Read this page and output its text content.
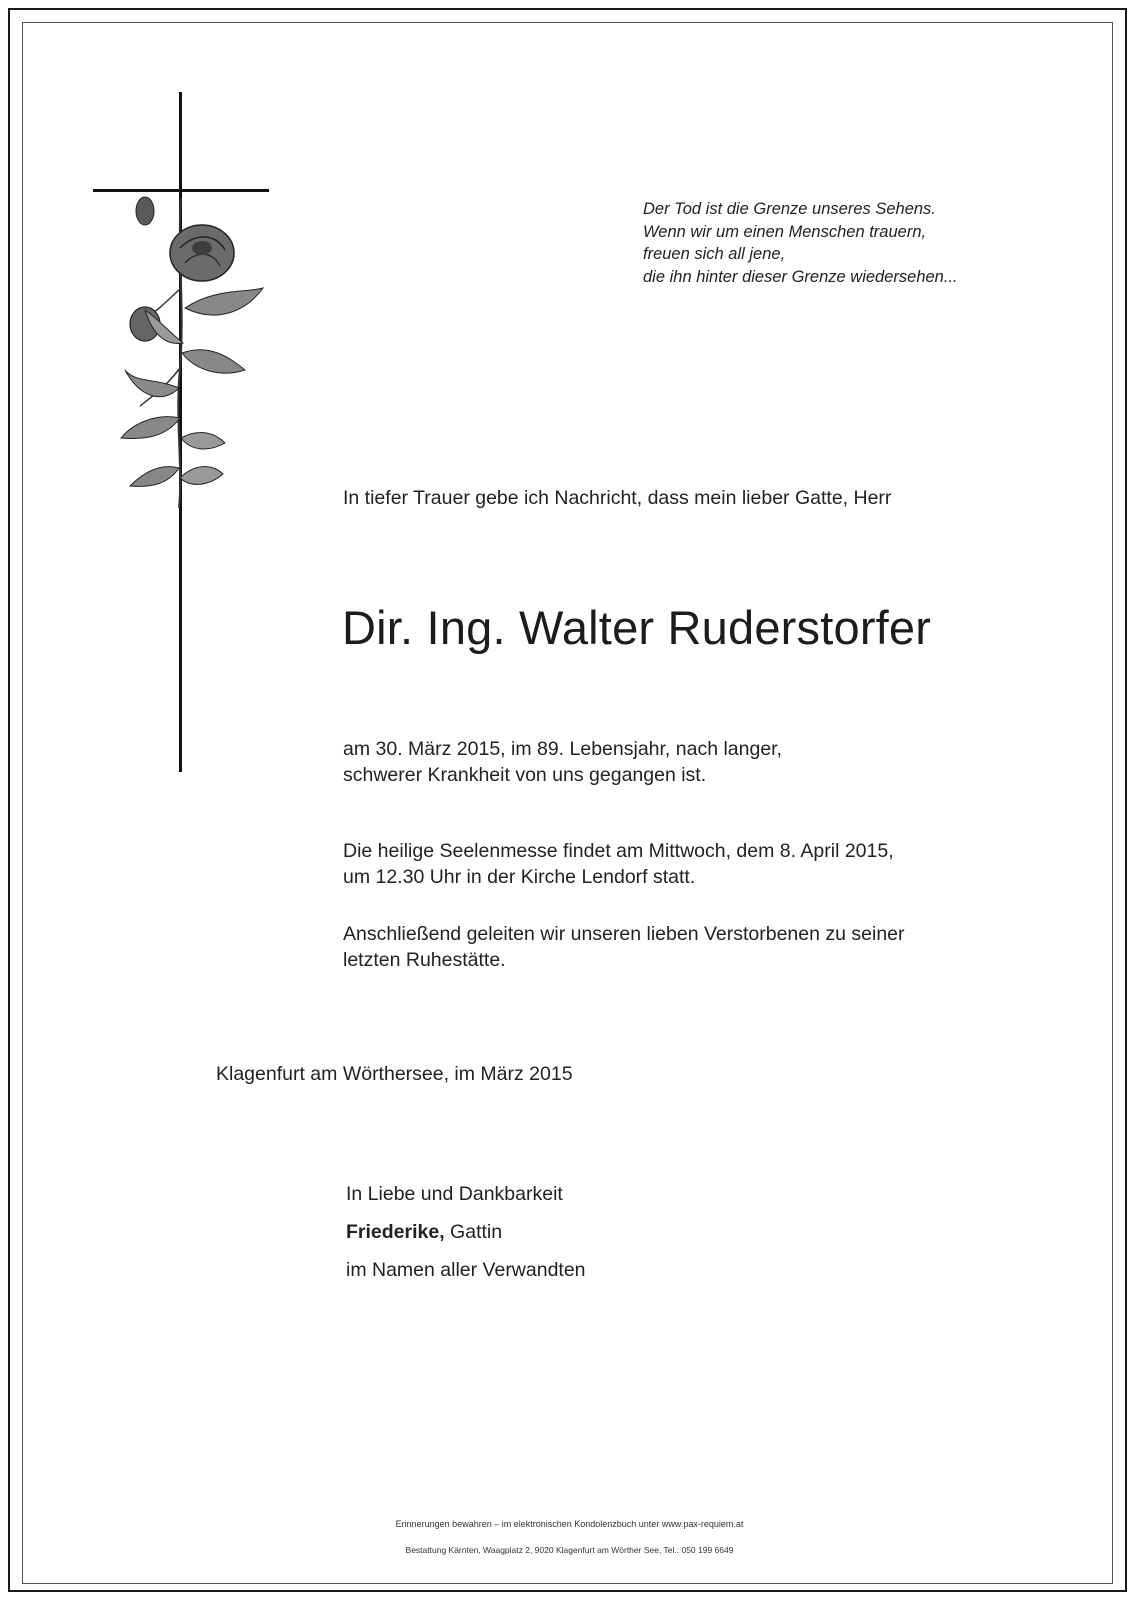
Der Tod ist die Grenze unseres Sehens.
Wenn wir um einen Menschen trauern,
freuen sich all jene,
die ihn hinter dieser Grenze wiedersehen...
In tiefer Trauer gebe ich Nachricht, dass mein lieber Gatte, Herr
Dir. Ing. Walter Ruderstorfer
am 30. März 2015, im 89. Lebensjahr, nach langer,
schwerer Krankheit von uns gegangen ist.
Die heilige Seelenmesse findet am Mittwoch, dem 8. April 2015,
um 12.30 Uhr in der Kirche Lendorf statt.
Anschließend geleiten wir unseren lieben Verstorbenen zu seiner
letzten Ruhestätte.
Klagenfurt am Wörthersee, im März 2015
In Liebe und Dankbarkeit
Friederike, Gattin
im Namen aller Verwandten
Erinnerungen bewahren – im elektronischen Kondolenzbuch unter www.pax-requiem.at
Bestattung Kärnten, Waagplatz 2, 9020 Klagenfurt am Wörther See, Tel.: 050 199 6649
